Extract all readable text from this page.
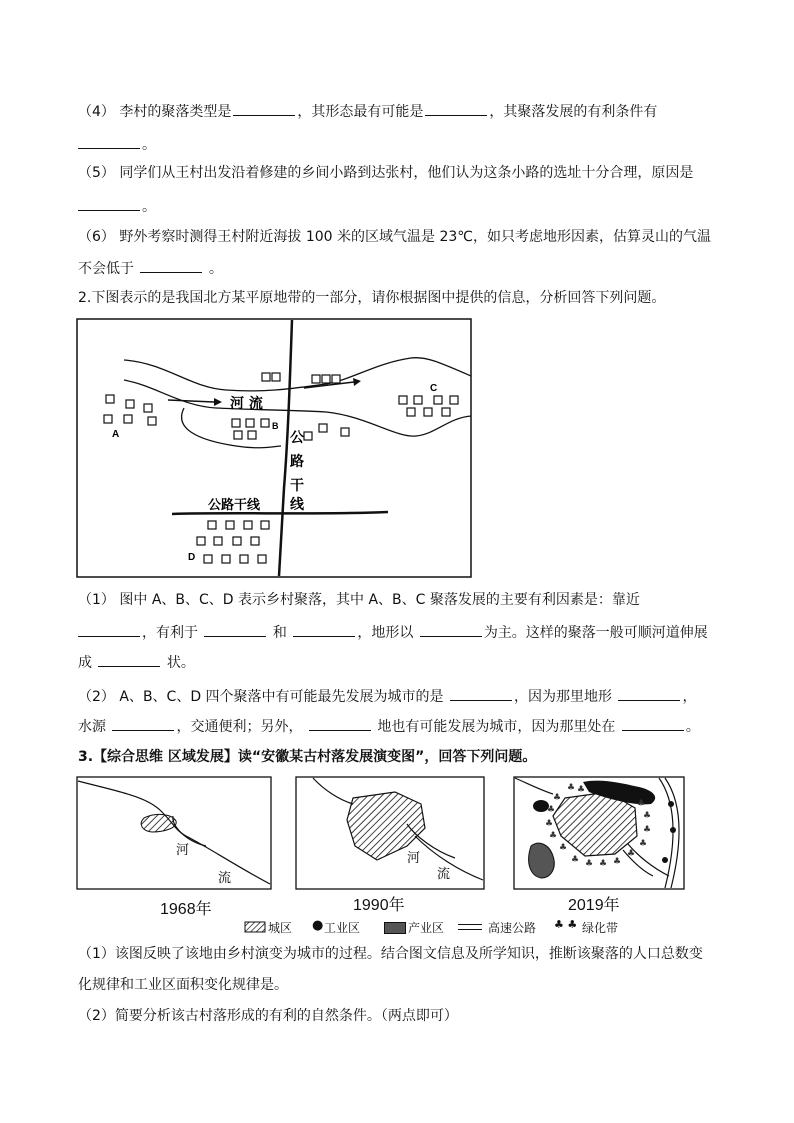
（4） 李村的聚落类型是	，其形态最有可能是	，其聚落发展的有利条件有
。
（5） 同学们从王村出发沿着修建的乡间小路到达张村，他们认为这条小路的选址十分合理，原因是
。
（6） 野外考察时测得王村附近海拔 100 米的区域气温是 23℃，如只考虑地形因素，估算灵山的气温
不会低于	。
2.下图表示的是我国北方某平原地带的一部分，请你根据图中提供的信息，分析回答下列问题。
河 流
公
路
干
线
公路干线
A
B
C
D
（1） 图中 A、B、C、D 表示乡村聚落，其中 A、B、C 聚落发展的主要有利因素是：靠近
，有利于	和	，地形以	为主。这样的聚落一般可顺河道伸展
成	状。
（2） A、B、C、D 四个聚落中有可能最先发展为城市的是	，因为那里地形	，
水源	，交通便利；另外，	地也有可能发展为城市，因为那里处在	。
3.【综合思维 区域发展】读“安徽某古村落发展演变图”，回答下列问题。
河
流
1968年
河
流
1990年
♣ ♣
♣
♣
♣
♣
♣
♣ ♣ ♣ ♣
♣
♣
♣
♣
♣
2019年
城区 ● 工业区	产业区	高速公路 ♣ ♣ 绿化带
（1）该图反映了该地由乡村演变为城市的过程。结合图文信息及所学知识，推断该聚落的人口总数变
化规律和工业区面积变化规律是。
（2）简要分析该古村落形成的有利的自然条件。（两点即可）
